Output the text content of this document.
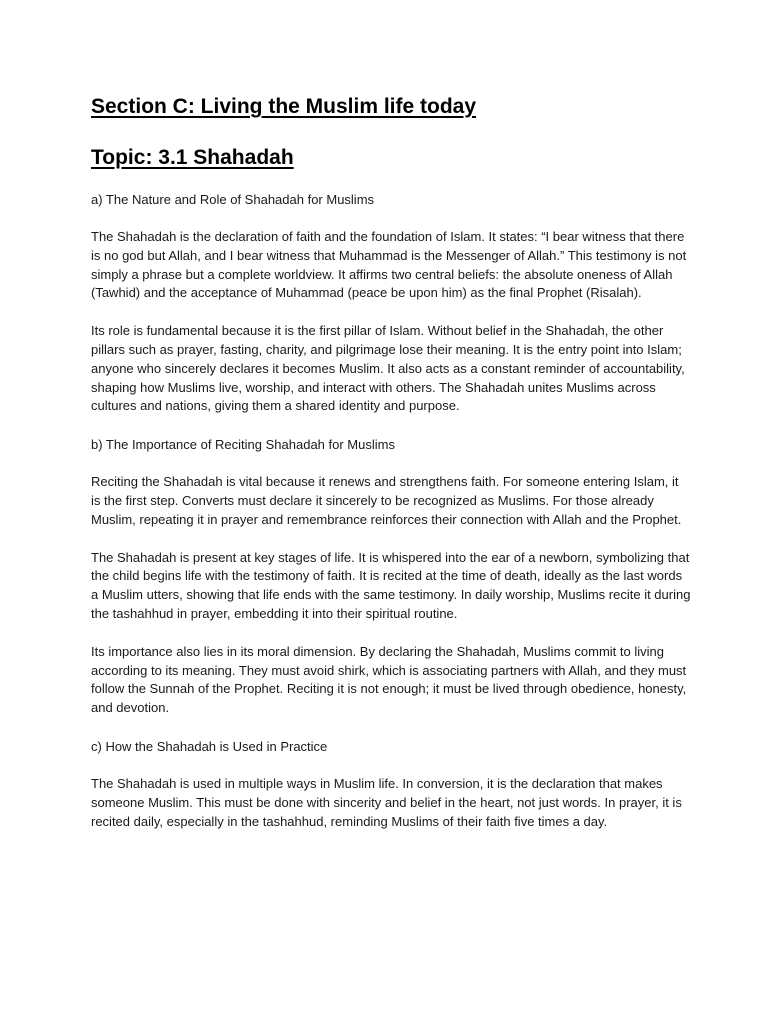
Section C: Living the Muslim life today
Topic: 3.1 Shahadah
a) The Nature and Role of Shahadah for Muslims

The Shahadah is the declaration of faith and the foundation of Islam. It states: “I bear witness that there is no god but Allah, and I bear witness that Muhammad is the Messenger of Allah.” This testimony is not simply a phrase but a complete worldview. It affirms two central beliefs: the absolute oneness of Allah (Tawhid) and the acceptance of Muhammad (peace be upon him) as the final Prophet (Risalah).

Its role is fundamental because it is the first pillar of Islam. Without belief in the Shahadah, the other pillars such as prayer, fasting, charity, and pilgrimage lose their meaning. It is the entry point into Islam; anyone who sincerely declares it becomes Muslim. It also acts as a constant reminder of accountability, shaping how Muslims live, worship, and interact with others. The Shahadah unites Muslims across cultures and nations, giving them a shared identity and purpose.

b) The Importance of Reciting Shahadah for Muslims

Reciting the Shahadah is vital because it renews and strengthens faith. For someone entering Islam, it is the first step. Converts must declare it sincerely to be recognized as Muslims. For those already Muslim, repeating it in prayer and remembrance reinforces their connection with Allah and the Prophet.

The Shahadah is present at key stages of life. It is whispered into the ear of a newborn, symbolizing that the child begins life with the testimony of faith. It is recited at the time of death, ideally as the last words a Muslim utters, showing that life ends with the same testimony. In daily worship, Muslims recite it during the tashahhud in prayer, embedding it into their spiritual routine.

Its importance also lies in its moral dimension. By declaring the Shahadah, Muslims commit to living according to its meaning. They must avoid shirk, which is associating partners with Allah, and they must follow the Sunnah of the Prophet. Reciting it is not enough; it must be lived through obedience, honesty, and devotion.

c) How the Shahadah is Used in Practice

The Shahadah is used in multiple ways in Muslim life. In conversion, it is the declaration that makes someone Muslim. This must be done with sincerity and belief in the heart, not just words. In prayer, it is recited daily, especially in the tashahhud, reminding Muslims of their faith five times a day.
